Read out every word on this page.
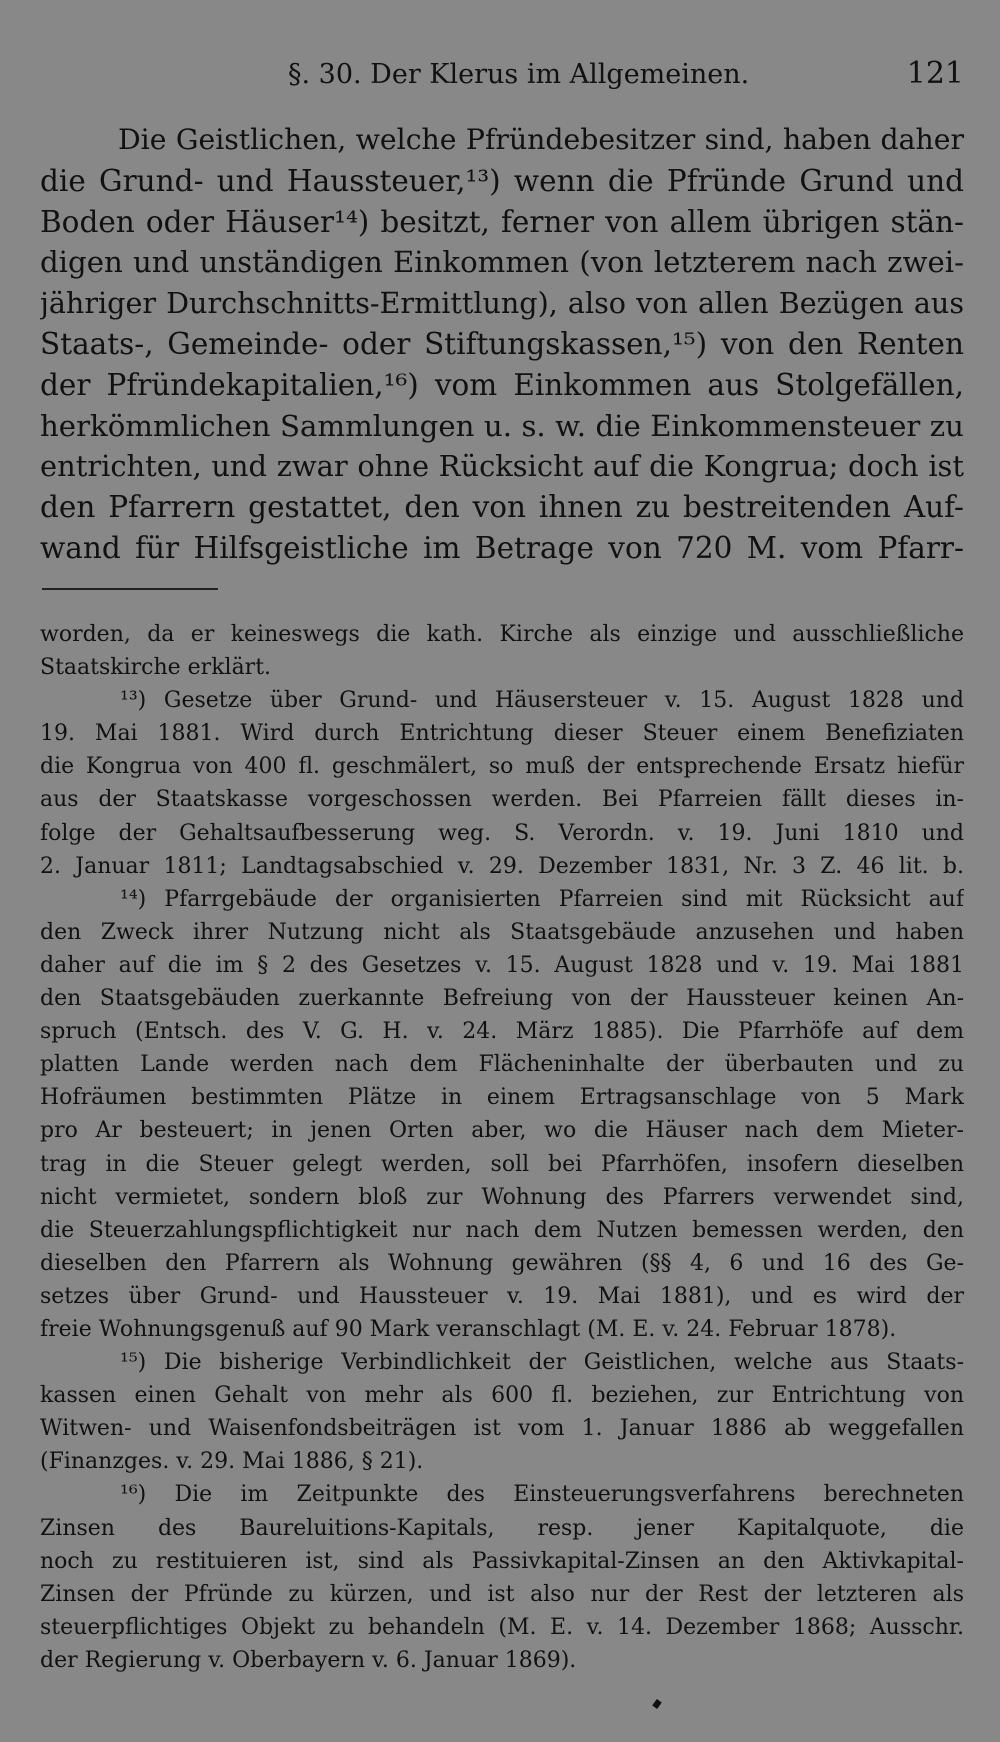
§. 30. Der Klerus im Allgemeinen.	121
Die Geistlichen, welche Pfründebesitzer sind, haben daher
die Grund- und Haussteuer,¹³) wenn die Pfründe Grund und
Boden oder Häuser¹⁴) besitzt, ferner von allem übrigen stän-
digen und unständigen Einkommen (von letzterem nach zwei-
jähriger Durchschnitts-Ermittlung), also von allen Bezügen aus
Staats-, Gemeinde- oder Stiftungskassen,¹⁵) von den Renten
der Pfründekapitalien,¹⁶) vom Einkommen aus Stolgefällen,
herkömmlichen Sammlungen u. s. w. die Einkommensteuer zu
entrichten, und zwar ohne Rücksicht auf die Kongrua; doch ist
den Pfarrern gestattet, den von ihnen zu bestreitenden Auf-
wand für Hilfsgeistliche im Betrage von 720 M. vom Pfarr-
worden, da er keineswegs die kath. Kirche als einzige und ausschließliche
Staatskirche erklärt.
¹³) Gesetze über Grund- und Häusersteuer v. 15. August 1828 und
19. Mai 1881. Wird durch Entrichtung dieser Steuer einem Benefiziaten
die Kongrua von 400 fl. geschmälert, so muß der entsprechende Ersatz hiefür
aus der Staatskasse vorgeschossen werden. Bei Pfarreien fällt dieses in-
folge der Gehaltsaufbesserung weg. S. Verordn. v. 19. Juni 1810 und
2. Januar 1811; Landtagsabschied v. 29. Dezember 1831, Nr. 3 Z. 46 lit. b.
¹⁴) Pfarrgebäude der organisierten Pfarreien sind mit Rücksicht auf
den Zweck ihrer Nutzung nicht als Staatsgebäude anzusehen und haben
daher auf die im § 2 des Gesetzes v. 15. August 1828 und v. 19. Mai 1881
den Staatsgebäuden zuerkannte Befreiung von der Haussteuer keinen An-
spruch (Entsch. des V. G. H. v. 24. März 1885). Die Pfarrhöfe auf dem
platten Lande werden nach dem Flächeninhalte der überbauten und zu
Hofräumen bestimmten Plätze in einem Ertragsanschlage von 5 Mark
pro Ar besteuert; in jenen Orten aber, wo die Häuser nach dem Mieter-
trag in die Steuer gelegt werden, soll bei Pfarrhöfen, insofern dieselben
nicht vermietet, sondern bloß zur Wohnung des Pfarrers verwendet sind,
die Steuerzahlungspflichtigkeit nur nach dem Nutzen bemessen werden, den
dieselben den Pfarrern als Wohnung gewähren (§§ 4, 6 und 16 des Ge-
setzes über Grund- und Haussteuer v. 19. Mai 1881), und es wird der
freie Wohnungsgenuß auf 90 Mark veranschlagt (M. E. v. 24. Februar 1878).
¹⁵) Die bisherige Verbindlichkeit der Geistlichen, welche aus Staats-
kassen einen Gehalt von mehr als 600 fl. beziehen, zur Entrichtung von
Witwen- und Waisenfondsbeiträgen ist vom 1. Januar 1886 ab weggefallen
(Finanzges. v. 29. Mai 1886, § 21).
¹⁶) Die im Zeitpunkte des Einsteuerungsverfahrens berechneten
Zinsen des Baureluitions-Kapitals, resp. jener Kapitalquote, die
noch zu restituieren ist, sind als Passivkapital-Zinsen an den Aktivkapital-
Zinsen der Pfründe zu kürzen, und ist also nur der Rest der letzteren als
steuerpflichtiges Objekt zu behandeln (M. E. v. 14. Dezember 1868; Ausschr.
der Regierung v. Oberbayern v. 6. Januar 1869).
